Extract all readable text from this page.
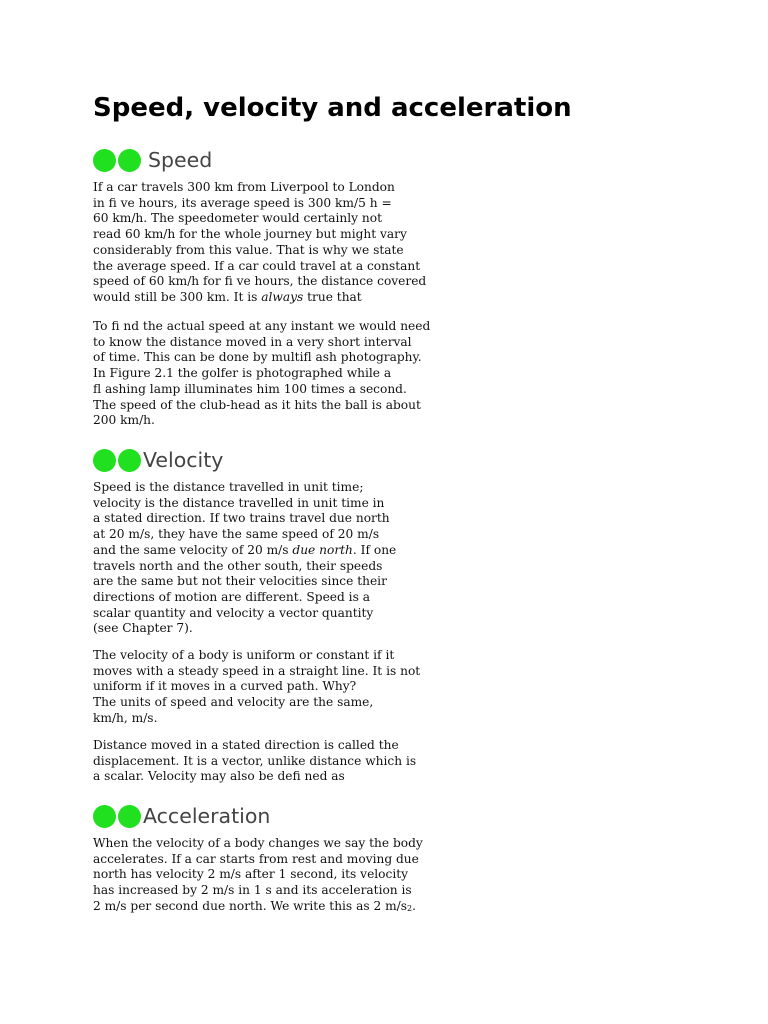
Speed, velocity and acceleration
Speed

If a car travels 300 km from Liverpool to London
in fi ve hours, its average speed is 300 km/5 h =
60 km/h. The speedometer would certainly not
read 60 km/h for the whole journey but might vary
considerably from this value. That is why we state
the average speed. If a car could travel at a constant
speed of 60 km/h for fi ve hours, the distance covered
would still be 300 km. It is always true that

To fi nd the actual speed at any instant we would need
to know the distance moved in a very short interval
of time. This can be done by multifl ash photography.
In Figure 2.1 the golfer is photographed while a
fl ashing lamp illuminates him 100 times a second.
The speed of the club-head as it hits the ball is about
200 km/h.

Velocity

Speed is the distance travelled in unit time;
velocity is the distance travelled in unit time in
a stated direction. If two trains travel due north
at 20 m/s, they have the same speed of 20 m/s
and the same velocity of 20 m/s due north. If one
travels north and the other south, their speeds
are the same but not their velocities since their
directions of motion are different. Speed is a
scalar quantity and velocity a vector quantity
(see Chapter 7).

The velocity of a body is uniform or constant if it
moves with a steady speed in a straight line. It is not
uniform if it moves in a curved path. Why?
The units of speed and velocity are the same,
km/h, m/s.

Distance moved in a stated direction is called the
displacement. It is a vector, unlike distance which is
a scalar. Velocity may also be defi ned as

Acceleration

When the velocity of a body changes we say the body
accelerates. If a car starts from rest and moving due
north has velocity 2 m/s after 1 second, its velocity
has increased by 2 m/s in 1 s and its acceleration is
2 m/s per second due north. We write this as 2 $m/s_2$.
